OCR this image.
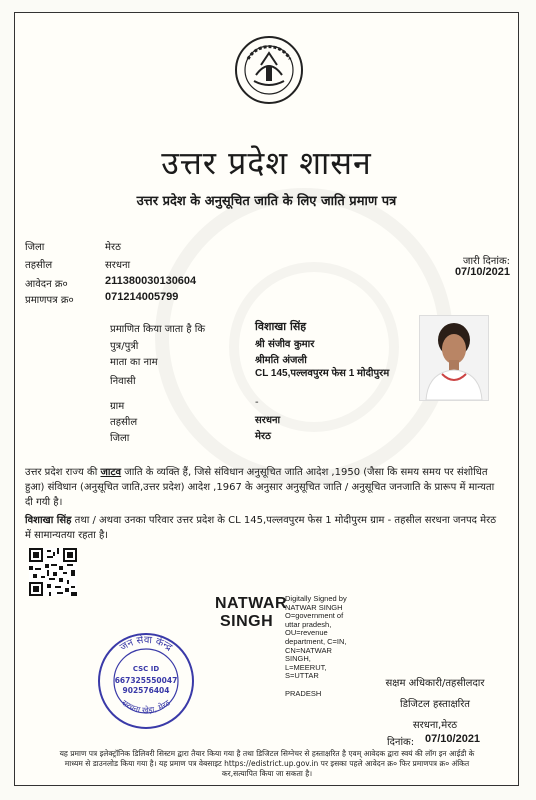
उत्तर प्रदेश शासन
उत्तर प्रदेश के अनुसूचित जाति के लिए जाति प्रमाण पत्र
जिला	मेरठ
तहसील	सरधना
आवेदन क्र०	211380030130604
प्रमाणपत्र क्र०	071214005799
जारी दिनांक:
07/10/2021
प्रमाणित किया जाता है कि	विशाखा सिंह
पुत्र/पुत्री	श्री संजीव कुमार
माता का नाम	श्रीमति अंजली
निवासी
CL 145,पल्लवपुरम फेस 1 मोदीपुरम
ग्राम	-
तहसील	सरधना
जिला	मेरठ
उत्तर प्रदेश राज्य की जाटव जाति के व्यक्ति हैं, जिसे संविधान अनुसूचित जाति आदेश ,1950 (जैसा कि समय समय पर संशोधित हुआ) संविधान (अनुसूचित जाति,उत्तर प्रदेश) आदेश ,1967 के अनुसार अनुसूचित जाति / अनुसूचित जनजाति के प्रारूप में मान्यता दी गयी है।
विशाखा सिंह तथा / अथवा उनका परिवार उत्तर प्रदेश के CL 145,पल्लवपुरम फेस 1 मोदीपुरम ग्राम - तहसील सरधना जनपद मेरठ में सामान्यतया रहता है।
जन सेवा केन्द्र
सरधना खेड़ा, मेरठ
CSC ID
667325550047
902576404
NATWAR
SINGH
Digitally Signed by
NATWAR SINGH
O=government of
uttar pradesh,
OU=revenue
department, C=IN,
CN=NATWAR
SINGH,
L=MEERUT,
S=UTTAR

PRADESH
सक्षम अधिकारी/तहसीलदार
डिजिटल हस्ताक्षरित
सरधना,मेरठ
दिनांक: 07/10/2021
यह प्रमाण पत्र इलेक्ट्रॉनिक डिलिवरी सिस्टम द्वारा तैयार किया गया है तथा डिजिटल सिग्नेचर से हस्ताक्षरित है एवम् आवेदक द्वारा स्वयं की लॉग इन आईडी के
माध्यम से डाउनलोड किया गया है। यह प्रमाण पत्र वेबसाइट https://edistrict.up.gov.in पर इसका पहले आवेदन क्र० फिर प्रमाणपत्र क्र० अंकित
कर,सत्यापित किया जा सकता है।
